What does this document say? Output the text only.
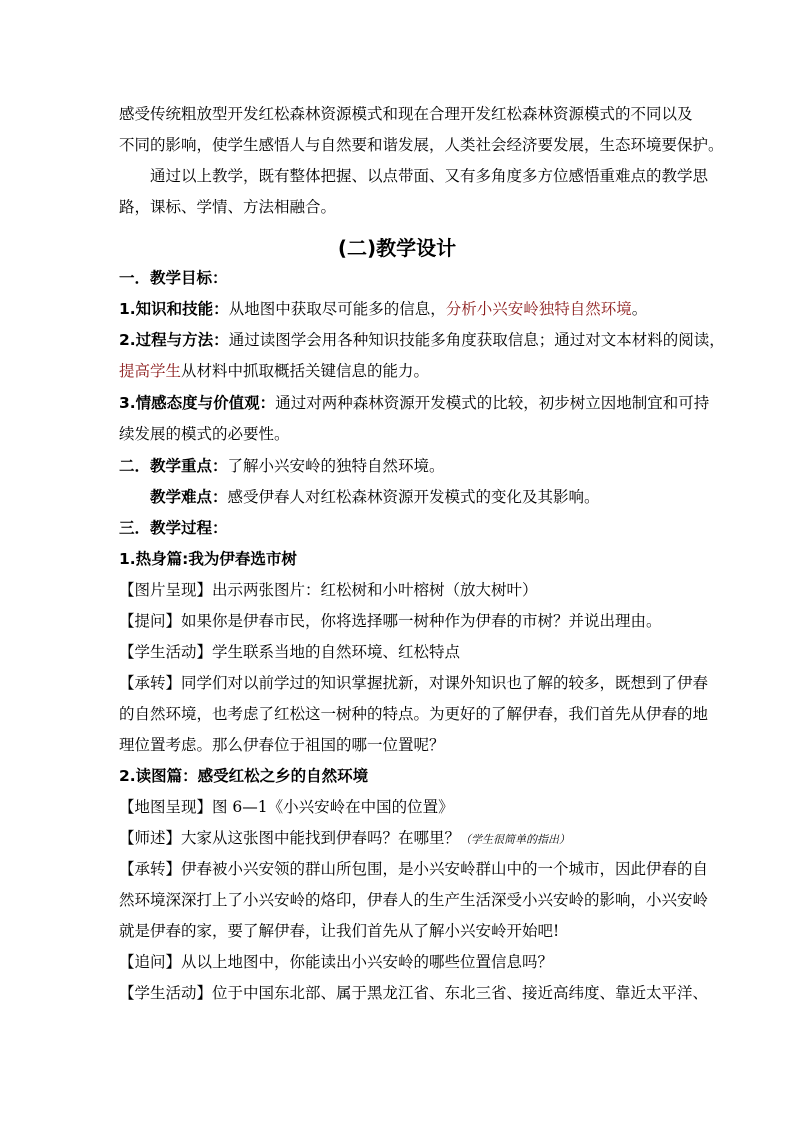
感受传统粗放型开发红松森林资源模式和现在合理开发红松森林资源模式的不同以及
不同的影响，使学生感悟人与自然要和谐发展，人类社会经济要发展，生态环境要保护。
通过以上教学，既有整体把握、以点带面、又有多角度多方位感悟重难点的教学思
路，课标、学情、方法相融合。
(二)教学设计
一．教学目标：
1.知识和技能：从地图中获取尽可能多的信息，分析小兴安岭独特自然环境。
2.过程与方法：通过读图学会用各种知识技能多角度获取信息；通过对文本材料的阅读，
提高学生从材料中抓取概括关键信息的能力。
3.情感态度与价值观：通过对两种森林资源开发模式的比较，初步树立因地制宜和可持
续发展的模式的必要性。
二．教学重点：了解小兴安岭的独特自然环境。
教学难点：感受伊春人对红松森林资源开发模式的变化及其影响。
三．教学过程：
1.热身篇:我为伊春选市树
【图片呈现】出示两张图片：红松树和小叶榕树（放大树叶）
【提问】如果你是伊春市民，你将选择哪一树种作为伊春的市树？并说出理由。
【学生活动】学生联系当地的自然环境、红松特点
【承转】同学们对以前学过的知识掌握扰新，对课外知识也了解的较多，既想到了伊春
的自然环境，也考虑了红松这一树种的特点。为更好的了解伊春，我们首先从伊春的地
理位置考虑。那么伊春位于祖国的哪一位置呢？
2.读图篇：感受红松之乡的自然环境
【地图呈现】图 6—1《小兴安岭在中国的位置》
【师述】大家从这张图中能找到伊春吗？在哪里？（学生很简单的指出）
【承转】伊春被小兴安领的群山所包围，是小兴安岭群山中的一个城市，因此伊春的自
然环境深深打上了小兴安岭的烙印，伊春人的生产生活深受小兴安岭的影响，小兴安岭
就是伊春的家，要了解伊春，让我们首先从了解小兴安岭开始吧!
【追问】从以上地图中，你能读出小兴安岭的哪些位置信息吗？
【学生活动】位于中国东北部、属于黑龙江省、东北三省、接近高纬度、靠近太平洋、
